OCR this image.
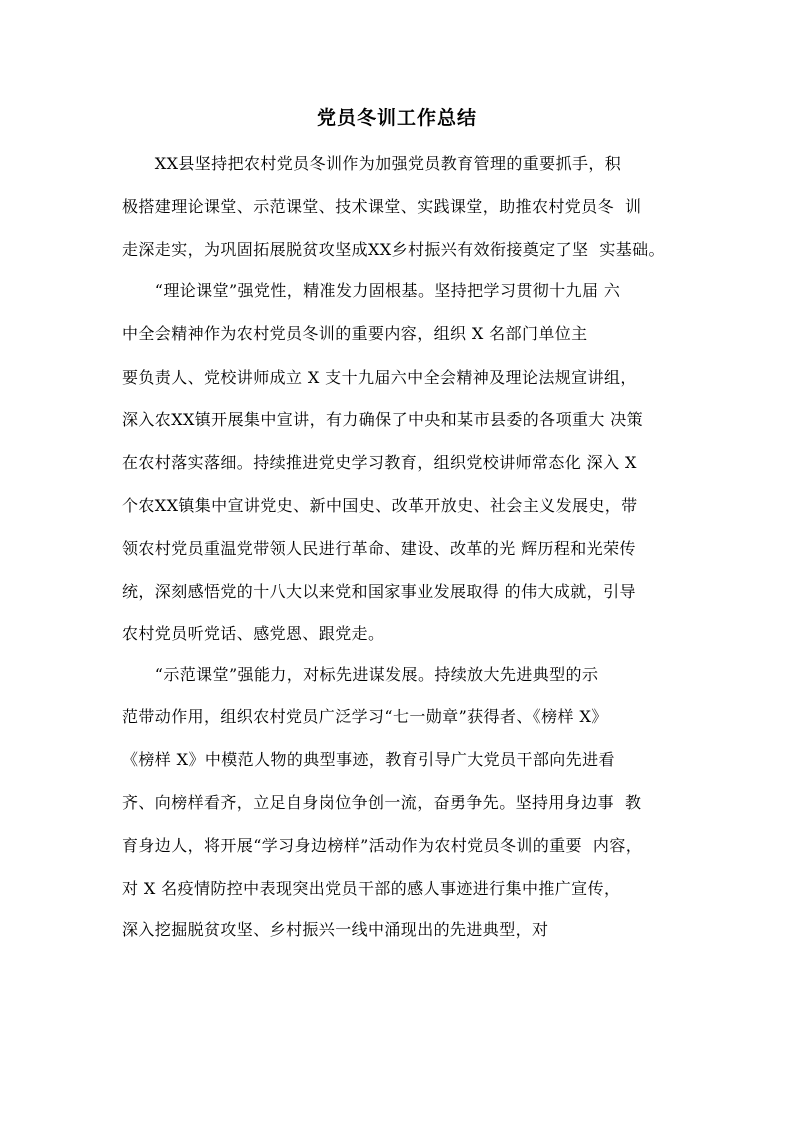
党员冬训工作总结
　　XX县坚持把农村党员冬训作为加强党员教育管理的重要抓手，积
极搭建理论课堂、示范课堂、技术课堂、实践课堂，助推农村党员冬  训
走深走实，为巩固拓展脱贫攻坚成XX乡村振兴有效衔接奠定了坚  实基础。
　　“理论课堂”强党性，精准发力固根基。坚持把学习贯彻十九届 六
中全会精神作为农村党员冬训的重要内容，组织 X 名部门单位主
要负责人、党校讲师成立 X 支十九届六中全会精神及理论法规宣讲组，
深入农XX镇开展集中宣讲，有力确保了中央和某市县委的各项重大 决策
在农村落实落细。持续推进党史学习教育，组织党校讲师常态化 深入 X
个农XX镇集中宣讲党史、新中国史、改革开放史、社会主义发展史，带
领农村党员重温党带领人民进行革命、建设、改革的光 辉历程和光荣传
统，深刻感悟党的十八大以来党和国家事业发展取得 的伟大成就，引导
农村党员听党话、感党恩、跟党走。
　　“示范课堂”强能力，对标先进谋发展。持续放大先进典型的示
范带动作用，组织农村党员广泛学习“七一勋章”获得者、《榜样 X》
《榜样 X》中模范人物的典型事迹，教育引导广大党员干部向先进看
齐、向榜样看齐，立足自身岗位争创一流，奋勇争先。坚持用身边事  教
育身边人，将开展“学习身边榜样”活动作为农村党员冬训的重要  内容，
对 X 名疫情防控中表现突出党员干部的感人事迹进行集中推广宣传，
深入挖掘脱贫攻坚、乡村振兴一线中涌现出的先进典型，对
